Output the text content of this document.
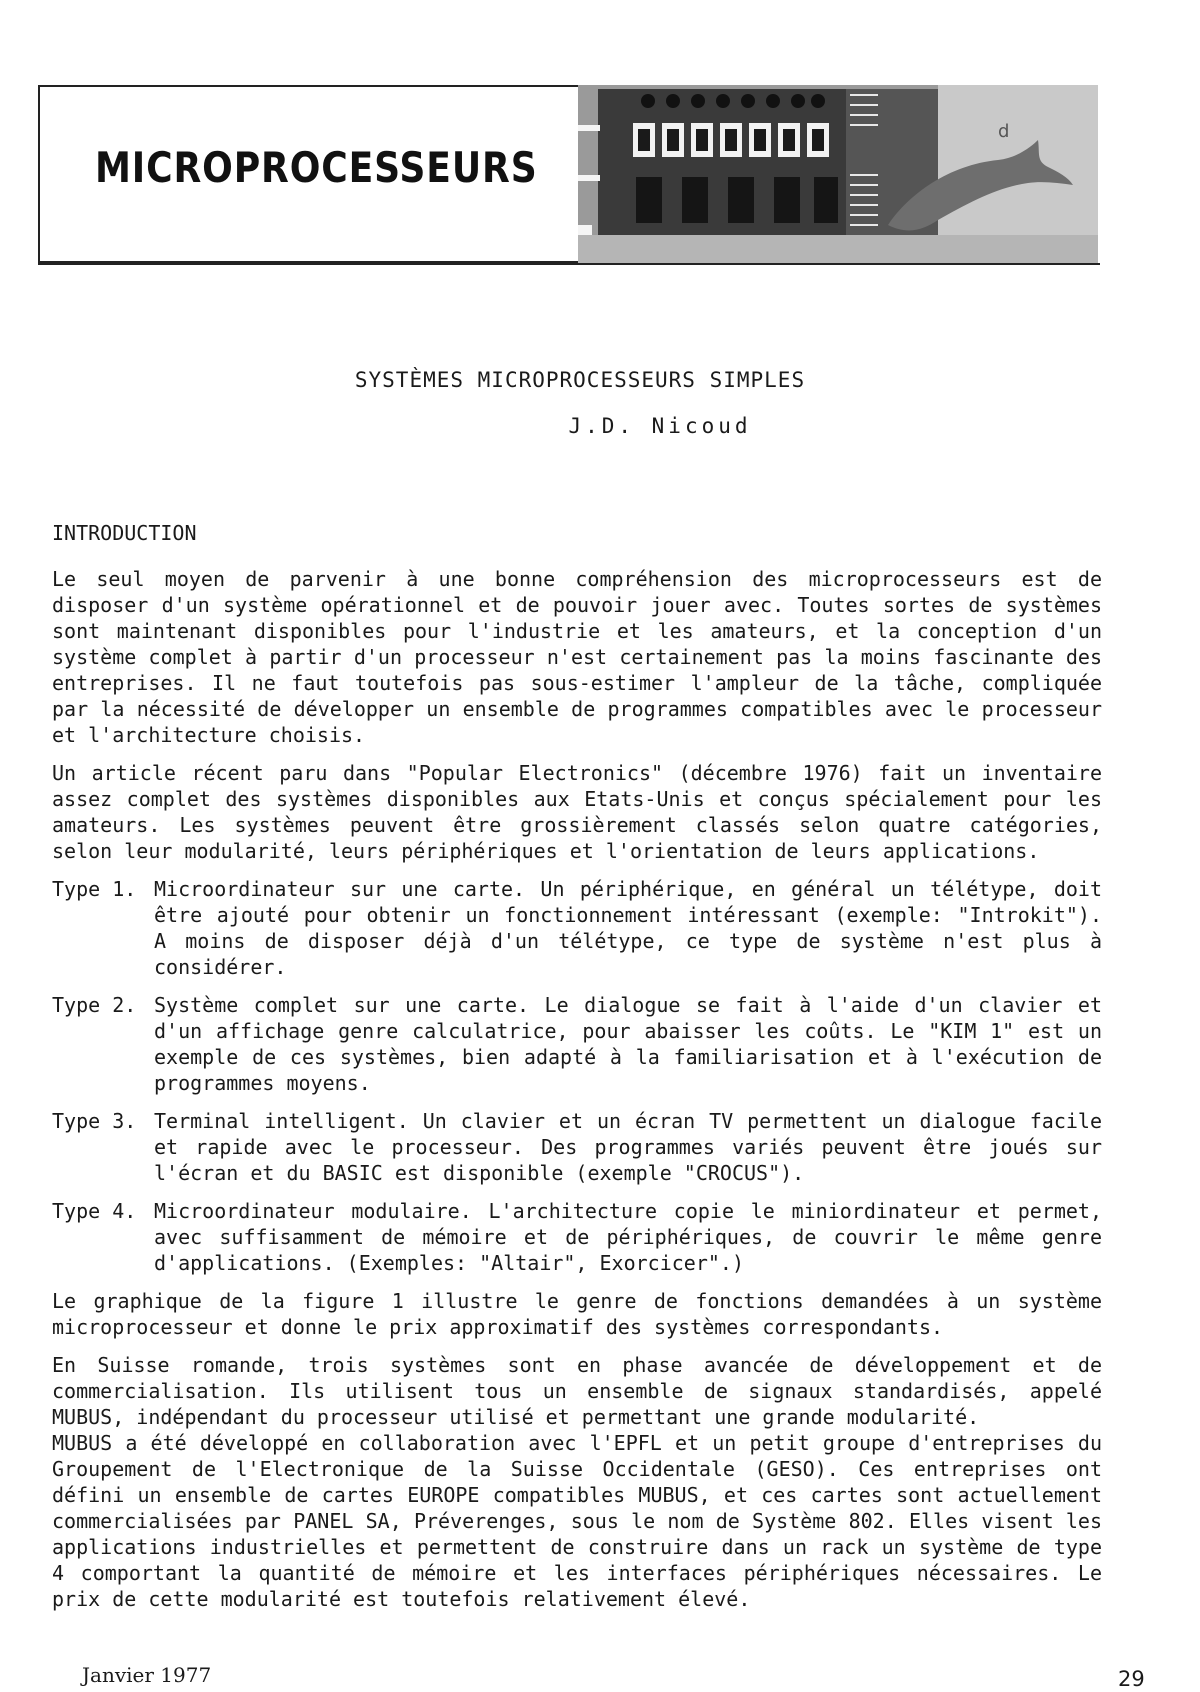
MICROPROCESSEURS
d
SYSTÈMES MICROPROCESSEURS SIMPLES
J.D. Nicoud
INTRODUCTION

Le seul moyen de parvenir à une bonne compréhension des microprocesseurs est de disposer d'un système opérationnel et de pouvoir jouer avec. Toutes sortes de systèmes sont maintenant disponibles pour l'industrie et les amateurs, et la conception d'un système complet à partir d'un processeur n'est certainement pas la moins fascinante des entreprises. Il ne faut toutefois pas sous-estimer l'ampleur de la tâche, compliquée par la nécessité de développer un ensemble de programmes compatibles avec le processeur et l'architecture choisis.

Un article récent paru dans "Popular Electronics" (décembre 1976) fait un inventaire assez complet des systèmes disponibles aux Etats-Unis et conçus spécialement pour les amateurs. Les systèmes peuvent être grossièrement classés selon quatre catégories, selon leur modularité, leurs périphériques et l'orientation de leurs applications.

Type 1. Microordinateur sur une carte. Un périphérique, en général un télétype, doit être ajouté pour obtenir un fonctionnement intéressant (exemple: "Introkit"). A moins de disposer déjà d'un télétype, ce type de système n'est plus à considérer.
Type 2. Système complet sur une carte. Le dialogue se fait à l'aide d'un clavier et d'un affichage genre calculatrice, pour abaisser les coûts. Le "KIM 1" est un exemple de ces systèmes, bien adapté à la familiarisation et à l'exécution de programmes moyens.
Type 3. Terminal intelligent. Un clavier et un écran TV permettent un dialogue facile et rapide avec le processeur. Des programmes variés peuvent être joués sur l'écran et du BASIC est disponible (exemple "CROCUS").
Type 4. Microordinateur modulaire. L'architecture copie le miniordinateur et permet, avec suffisamment de mémoire et de périphériques, de couvrir le même genre d'applications. (Exemples: "Altair", Exorcicer".)

Le graphique de la figure 1 illustre le genre de fonctions demandées à un système microprocesseur et donne le prix approximatif des systèmes correspondants.

En Suisse romande, trois systèmes sont en phase avancée de développement et de commercialisation. Ils utilisent tous un ensemble de signaux standardisés, appelé MUBUS, indépendant du processeur utilisé et permettant une grande modularité.

MUBUS a été développé en collaboration avec l'EPFL et un petit groupe d'entreprises du Groupement de l'Electronique de la Suisse Occidentale (GESO). Ces entreprises ont défini un ensemble de cartes EUROPE compatibles MUBUS, et ces cartes sont actuellement commercialisées par PANEL SA, Préverenges, sous le nom de Système 802. Elles visent les applications industrielles et permettent de construire dans un rack un système de type 4 comportant la quantité de mémoire et les interfaces périphériques nécessaires. Le prix de cette modularité est toutefois relativement élevé.

Janvier 1977	29
